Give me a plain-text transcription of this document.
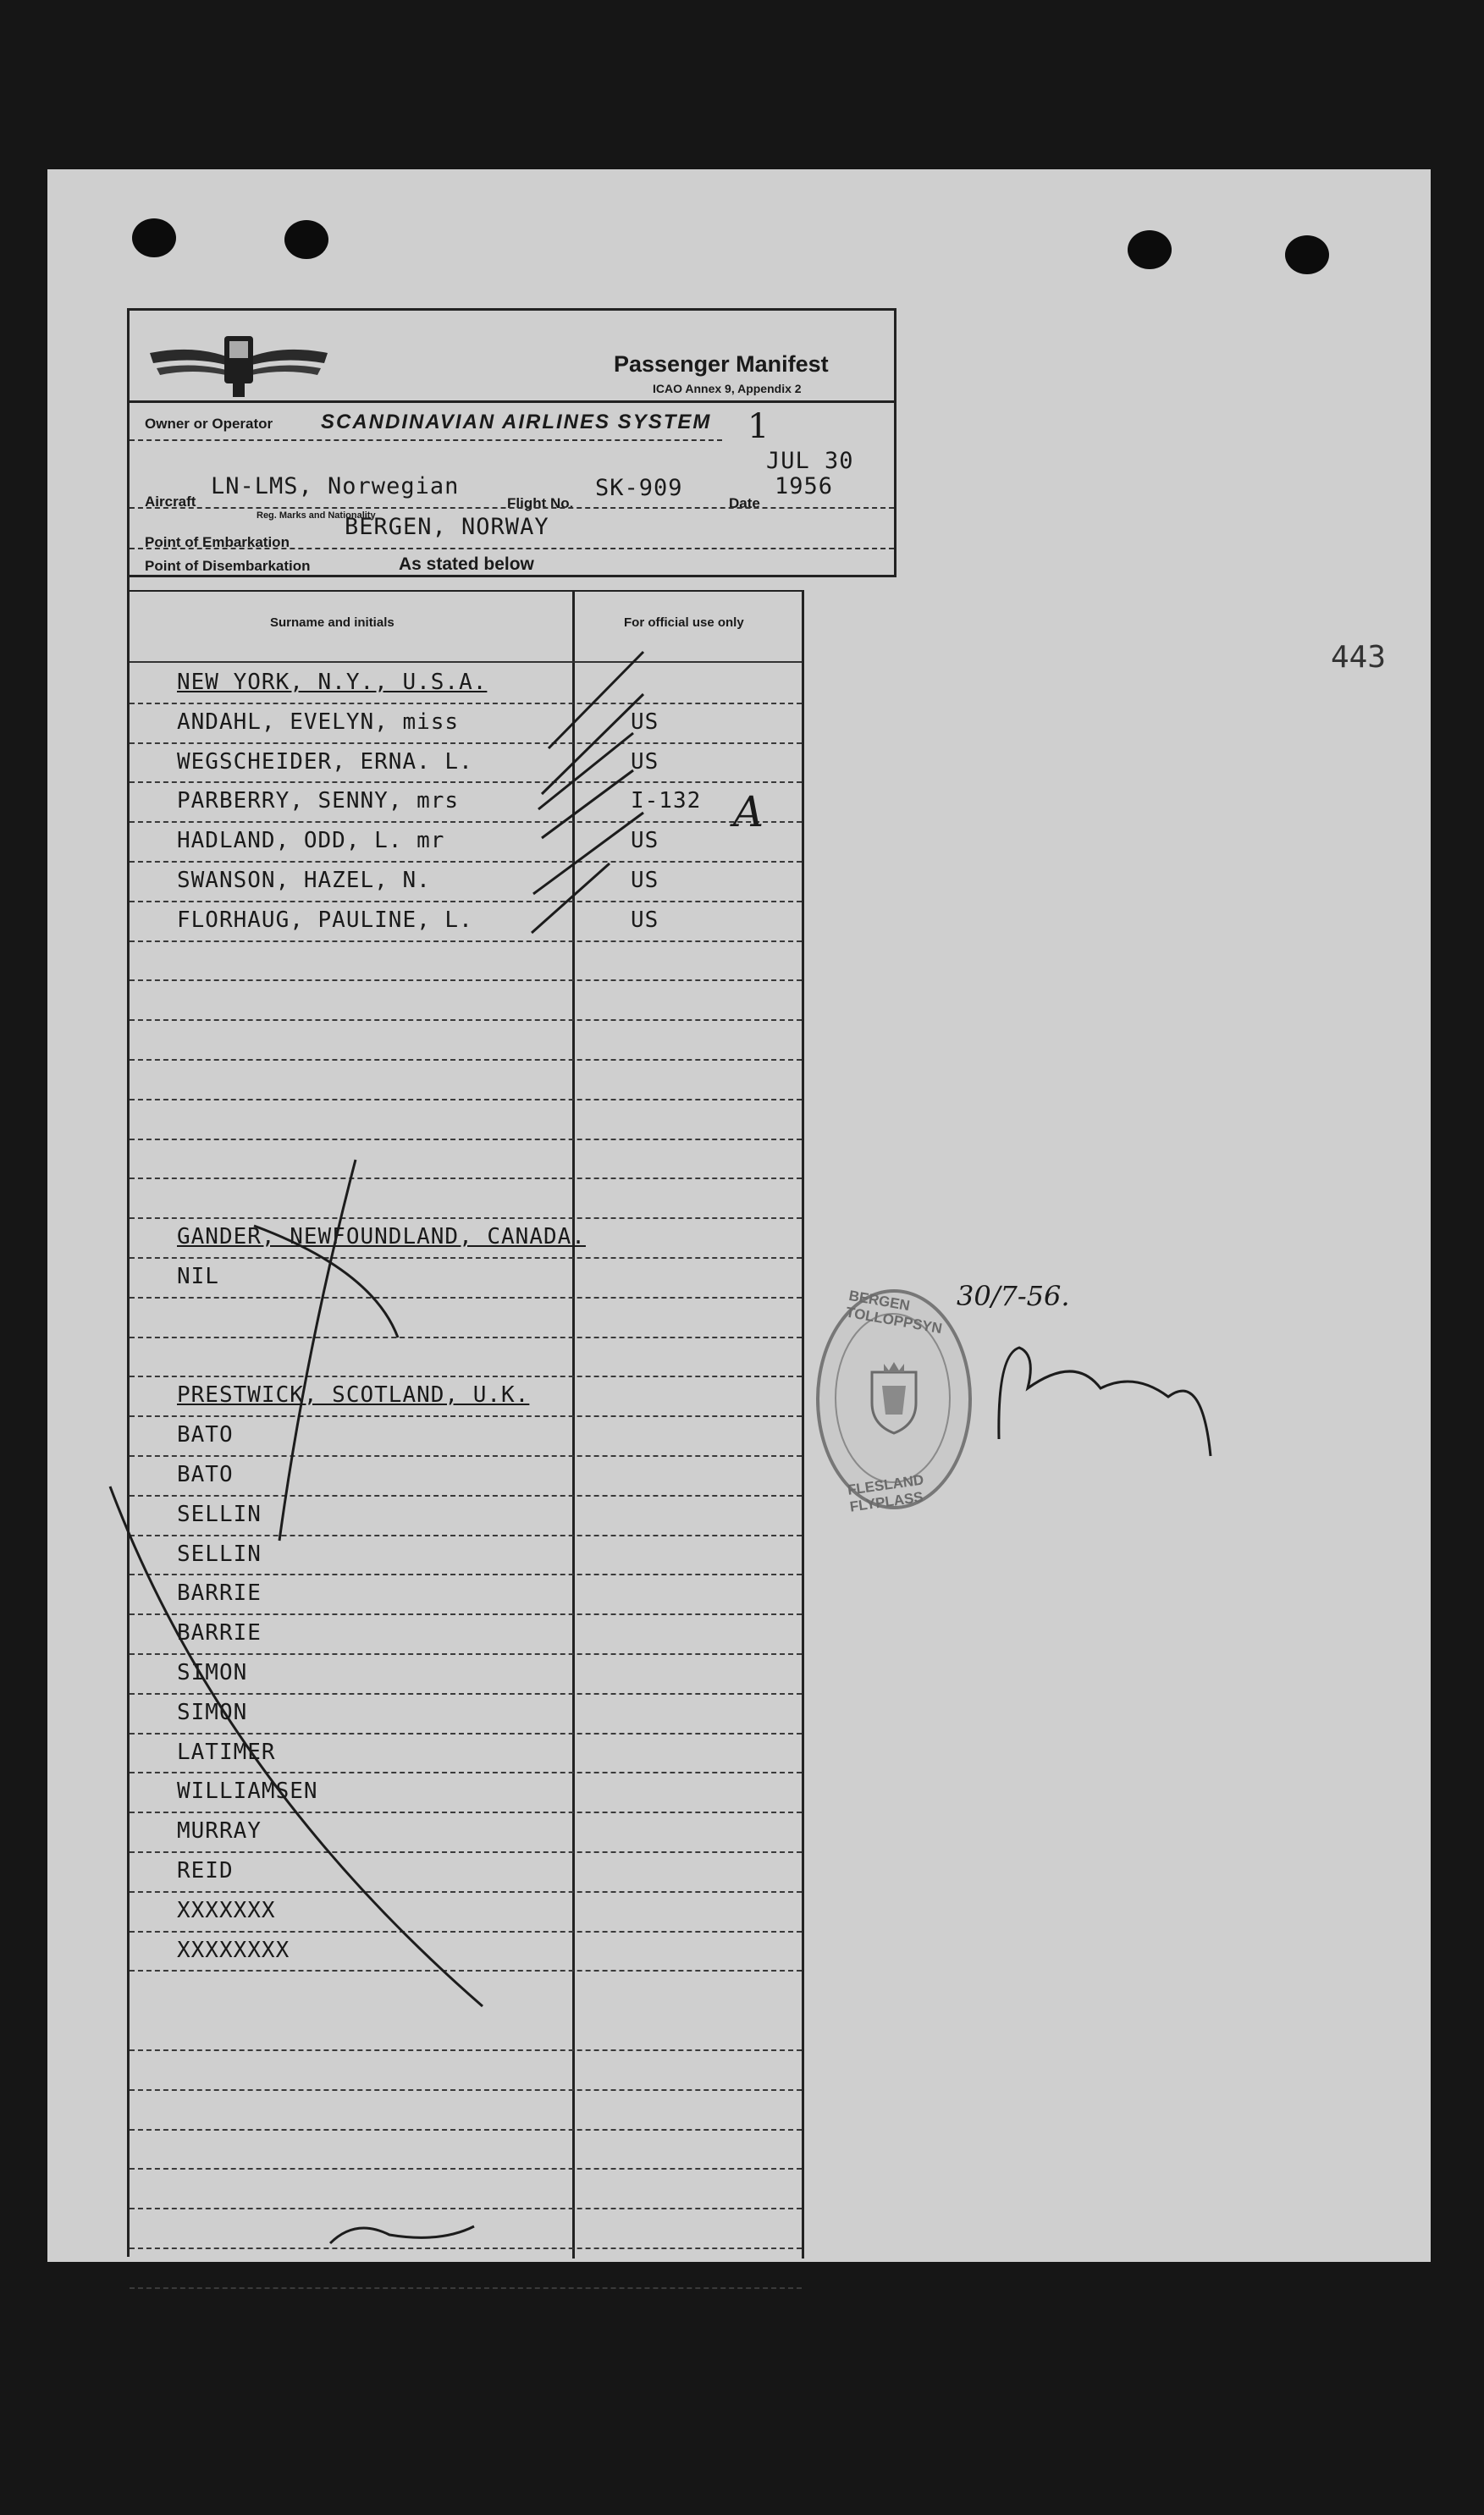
443
Passenger Manifest
ICAO Annex 9, Appendix 2
Owner or Operator SCANDINAVIAN AIRLINES SYSTEM 1
Aircraft
LN-LMS, Norwegian
Flight No.
SK-909
Date
JUL 30
1956
Reg. Marks and Nationality
Point of Embarkation
BERGEN, NORWAY
Point of Disembarkation	As stated below
Surname and initials	For official use only
NEW YORK, N.Y., U.S.A.
ANDAHL, EVELYN, miss	US
WEGSCHEIDER, ERNA. L.	US
PARBERRY, SENNY, mrs	I-132
HADLAND, ODD, L. mr	US
SWANSON, HAZEL, N.	US
FLORHAUG, PAULINE, L.	US
GANDER, NEWFOUNDLAND, CANADA.
NIL
PRESTWICK, SCOTLAND, U.K.
BATO
BATO
SELLIN
SELLIN
BARRIE
BARRIE
SIMON
SIMON
LATIMER
WILLIAMSEN
MURRAY
REID
XXXXXXX
XXXXXXXX
A
BERGEN TOLLOPPSYN
FLESLAND FLYPLASS
30/7-56.
